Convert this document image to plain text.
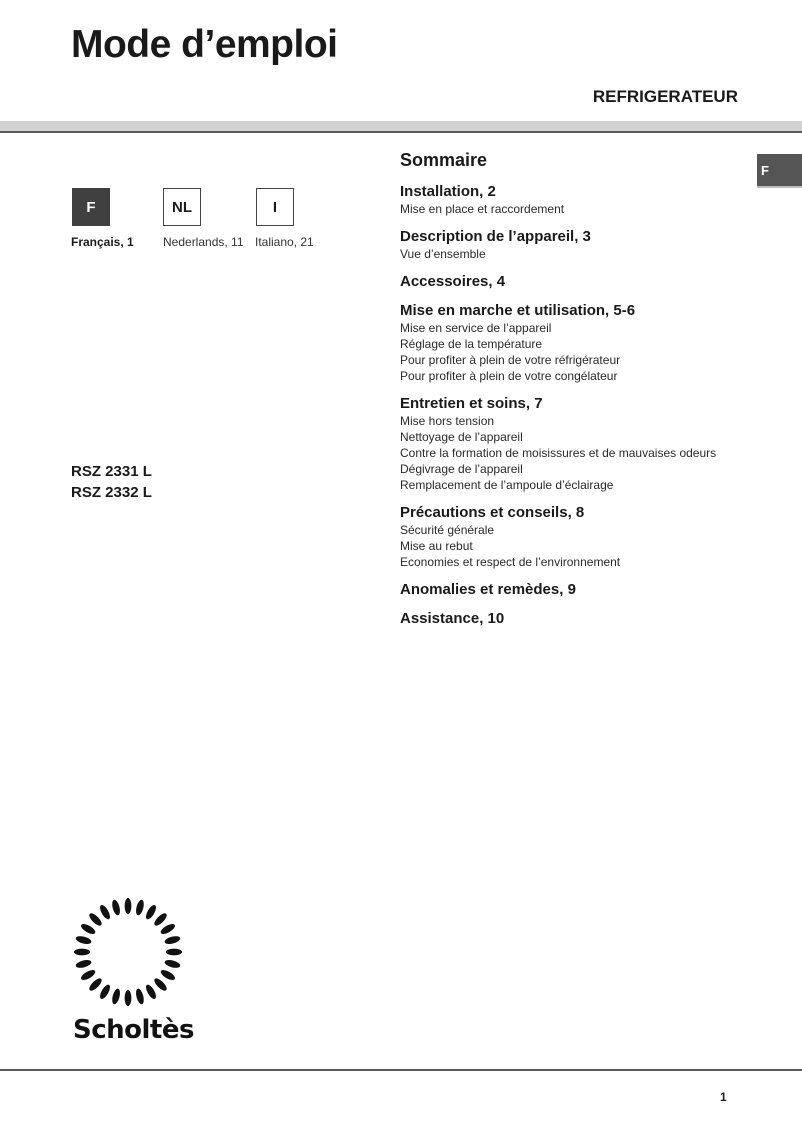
Mode d’emploi
REFRIGERATEUR
F
F	NL	I
Français, 1 Nederlands, 11 Italiano, 21
RSZ 2331 L
RSZ 2332 L
Sommaire
Installation, 2
Mise en place et raccordement
Description de l’appareil, 3
Vue d’ensemble
Accessoires, 4
Mise en marche et utilisation, 5-6
Mise en service de l’appareil
Réglage de la température
Pour profiter à plein de votre réfrigérateur
Pour profiter à plein de votre congélateur
Entretien et soins, 7
Mise hors tension
Nettoyage de l’appareil
Contre la formation de moisissures et de mauvaises odeurs
Dégivrage de l’appareil
Remplacement de l’ampoule d’éclairage
Précautions et conseils, 8
Sécurité générale
Mise au rebut
Economies et respect de l’environnement
Anomalies et remèdes, 9
Assistance, 10
Scholtès
1
